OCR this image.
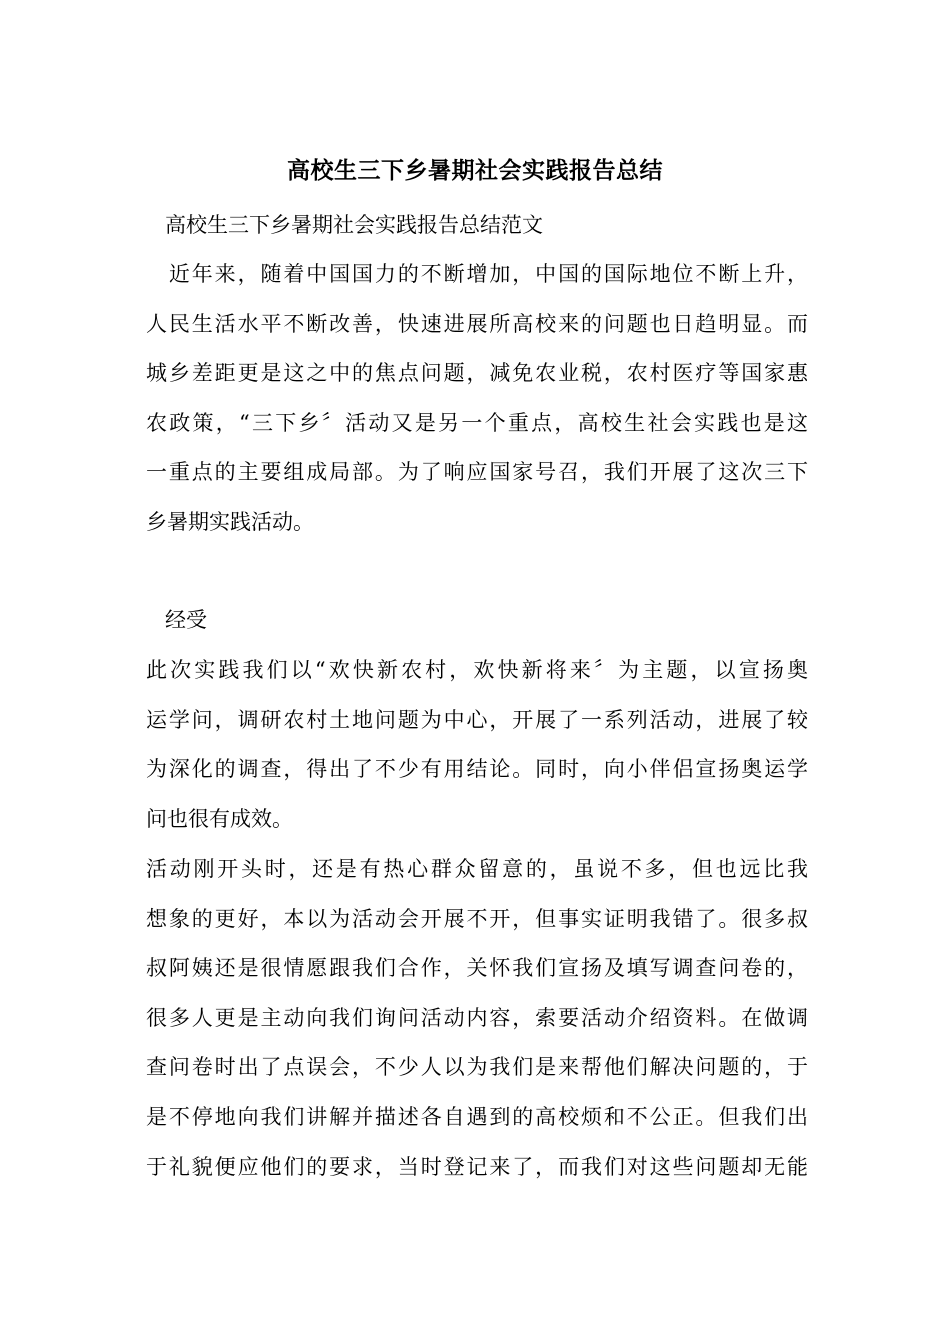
高校生三下乡暑期社会实践报告总结

高校生三下乡暑期社会实践报告总结范文

　近年来，随着中国国力的不断增加，中国的国际地位不断上升，
人民生活水平不断改善，快速进展所高校来的问题也日趋明显。而
城乡差距更是这之中的焦点问题，减免农业税，农村医疗等国家惠
农政策，“三下乡〞活动又是另一个重点，高校生社会实践也是这
一重点的主要组成局部。为了响应国家号召，我们开展了这次三下
乡暑期实践活动。

经受

此次实践我们以“欢快新农村，欢快新将来〞为主题，以宣扬奥
运学问，调研农村土地问题为中心，开展了一系列活动，进展了较
为深化的调查，得出了不少有用结论。同时，向小伴侣宣扬奥运学
问也很有成效。
活动刚开头时，还是有热心群众留意的，虽说不多，但也远比我
想象的更好，本以为活动会开展不开，但事实证明我错了。很多叔
叔阿姨还是很情愿跟我们合作，关怀我们宣扬及填写调查问卷的，
很多人更是主动向我们询问活动内容，索要活动介绍资料。在做调
查问卷时出了点误会，不少人以为我们是来帮他们解决问题的，于
是不停地向我们讲解并描述各自遇到的高校烦和不公正。但我们出
于礼貌便应他们的要求，当时登记来了，而我们对这些问题却无能
